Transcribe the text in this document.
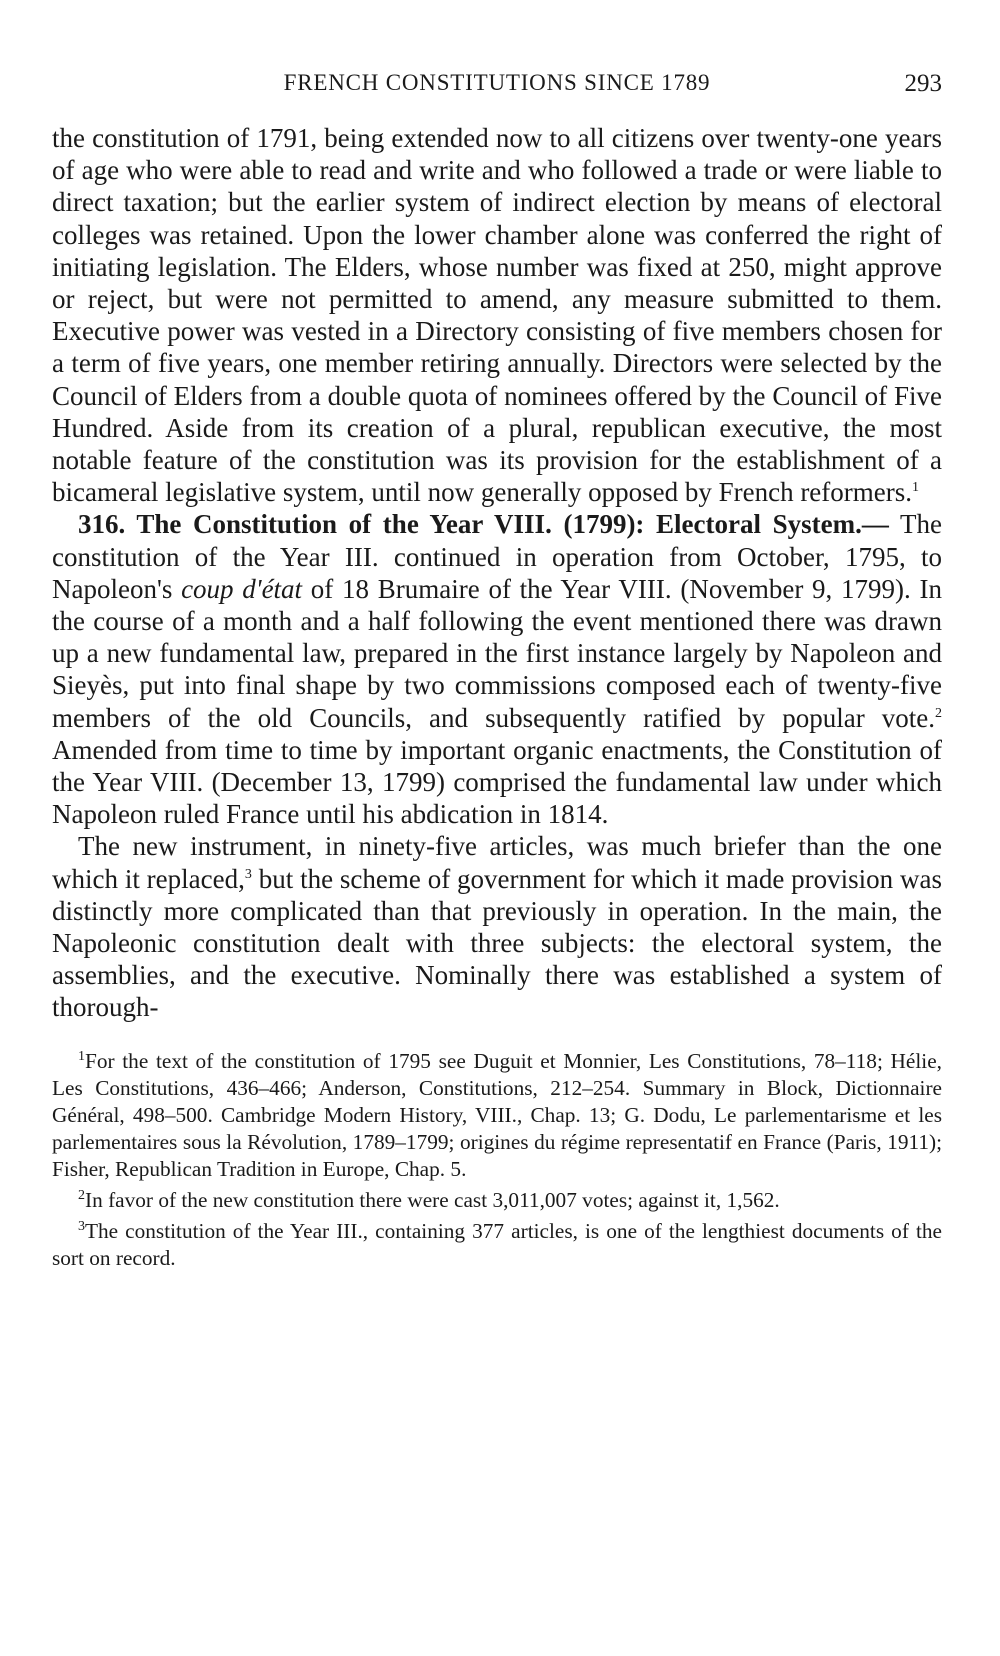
FRENCH CONSTITUTIONS SINCE 1789	293

the constitution of 1791, being extended now to all citizens over twenty-one years of age who were able to read and write and who followed a trade or were liable to direct taxation; but the earlier system of indirect election by means of electoral colleges was retained. Upon the lower chamber alone was conferred the right of initiating legislation. The Elders, whose number was fixed at 250, might approve or reject, but were not permitted to amend, any measure submitted to them. Executive power was vested in a Directory consisting of five members chosen for a term of five years, one member retiring annually. Directors were selected by the Council of Elders from a double quota of nominees offered by the Council of Five Hundred. Aside from its creation of a plural, republican executive, the most notable feature of the constitution was its provision for the establishment of a bicameral legislative system, until now generally opposed by French reformers.$^1$

316. The Constitution of the Year VIII. (1799): Electoral System.— The constitution of the Year III. continued in operation from October, 1795, to Napoleon's coup d'état of 18 Brumaire of the Year VIII. (November 9, 1799). In the course of a month and a half following the event mentioned there was drawn up a new fundamental law, prepared in the first instance largely by Napoleon and Sieyès, put into final shape by two commissions composed each of twenty-five members of the old Councils, and subsequently ratified by popular vote.$^2$ Amended from time to time by important organic enactments, the Constitution of the Year VIII. (December 13, 1799) comprised the fundamental law under which Napoleon ruled France until his abdication in 1814.

The new instrument, in ninety-five articles, was much briefer than the one which it replaced,$^3$ but the scheme of government for which it made provision was distinctly more complicated than that previously in operation. In the main, the Napoleonic constitution dealt with three subjects: the electoral system, the assemblies, and the executive. Nominally there was established a system of thorough-

$^1$For the text of the constitution of 1795 see Duguit et Monnier, Les Constitutions, 78–118; Hélie, Les Constitutions, 436–466; Anderson, Constitutions, 212–254. Summary in Block, Dictionnaire Général, 498–500. Cambridge Modern History, VIII., Chap. 13; G. Dodu, Le parlementarisme et les parlementaires sous la Révolution, 1789–1799; origines du régime representatif en France (Paris, 1911); Fisher, Republican Tradition in Europe, Chap. 5.

$^2$In favor of the new constitution there were cast 3,011,007 votes; against it, 1,562.

$^3$The constitution of the Year III., containing 377 articles, is one of the lengthiest documents of the sort on record.
